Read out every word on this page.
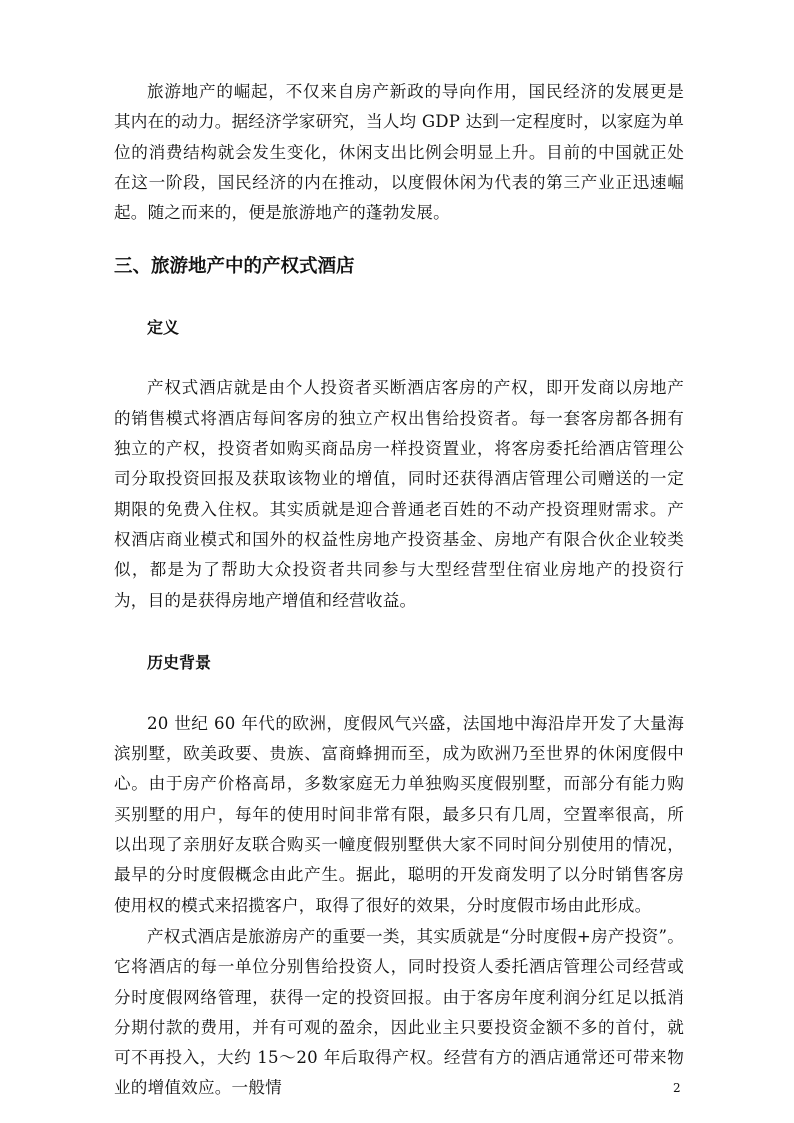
旅游地产的崛起，不仅来自房产新政的导向作用，国民经济的发展更是其内在的动力。据经济学家研究，当人均 GDP 达到一定程度时，以家庭为单位的消费结构就会发生变化，休闲支出比例会明显上升。目前的中国就正处在这一阶段，国民经济的内在推动，以度假休闲为代表的第三产业正迅速崛起。随之而来的，便是旅游地产的蓬勃发展。

三、旅游地产中的产权式酒店
定义

产权式酒店就是由个人投资者买断酒店客房的产权，即开发商以房地产的销售模式将酒店每间客房的独立产权出售给投资者。每一套客房都各拥有独立的产权，投资者如购买商品房一样投资置业，将客房委托给酒店管理公司分取投资回报及获取该物业的增值，同时还获得酒店管理公司赠送的一定期限的免费入住权。其实质就是迎合普通老百姓的不动产投资理财需求。产权酒店商业模式和国外的权益性房地产投资基金、房地产有限合伙企业较类似，都是为了帮助大众投资者共同参与大型经营型住宿业房地产的投资行为，目的是获得房地产增值和经营收益。

历史背景

20 世纪 60 年代的欧洲，度假风气兴盛，法国地中海沿岸开发了大量海滨别墅，欧美政要、贵族、富商蜂拥而至，成为欧洲乃至世界的休闲度假中心。由于房产价格高昂，多数家庭无力单独购买度假别墅，而部分有能力购买别墅的用户，每年的使用时间非常有限，最多只有几周，空置率很高，所以出现了亲朋好友联合购买一幢度假别墅供大家不同时间分别使用的情况，最早的分时度假概念由此产生。据此，聪明的开发商发明了以分时销售客房使用权的模式来招揽客户，取得了很好的效果，分时度假市场由此形成。

产权式酒店是旅游房产的重要一类，其实质就是“分时度假+房产投资”。它将酒店的每一单位分别售给投资人，同时投资人委托酒店管理公司经营或分时度假网络管理，获得一定的投资回报。由于客房年度利润分红足以抵消分期付款的费用，并有可观的盈余，因此业主只要投资金额不多的首付，就可不再投入，大约 15～20 年后取得产权。经营有方的酒店通常还可带来物业的增值效应。一般情	2
